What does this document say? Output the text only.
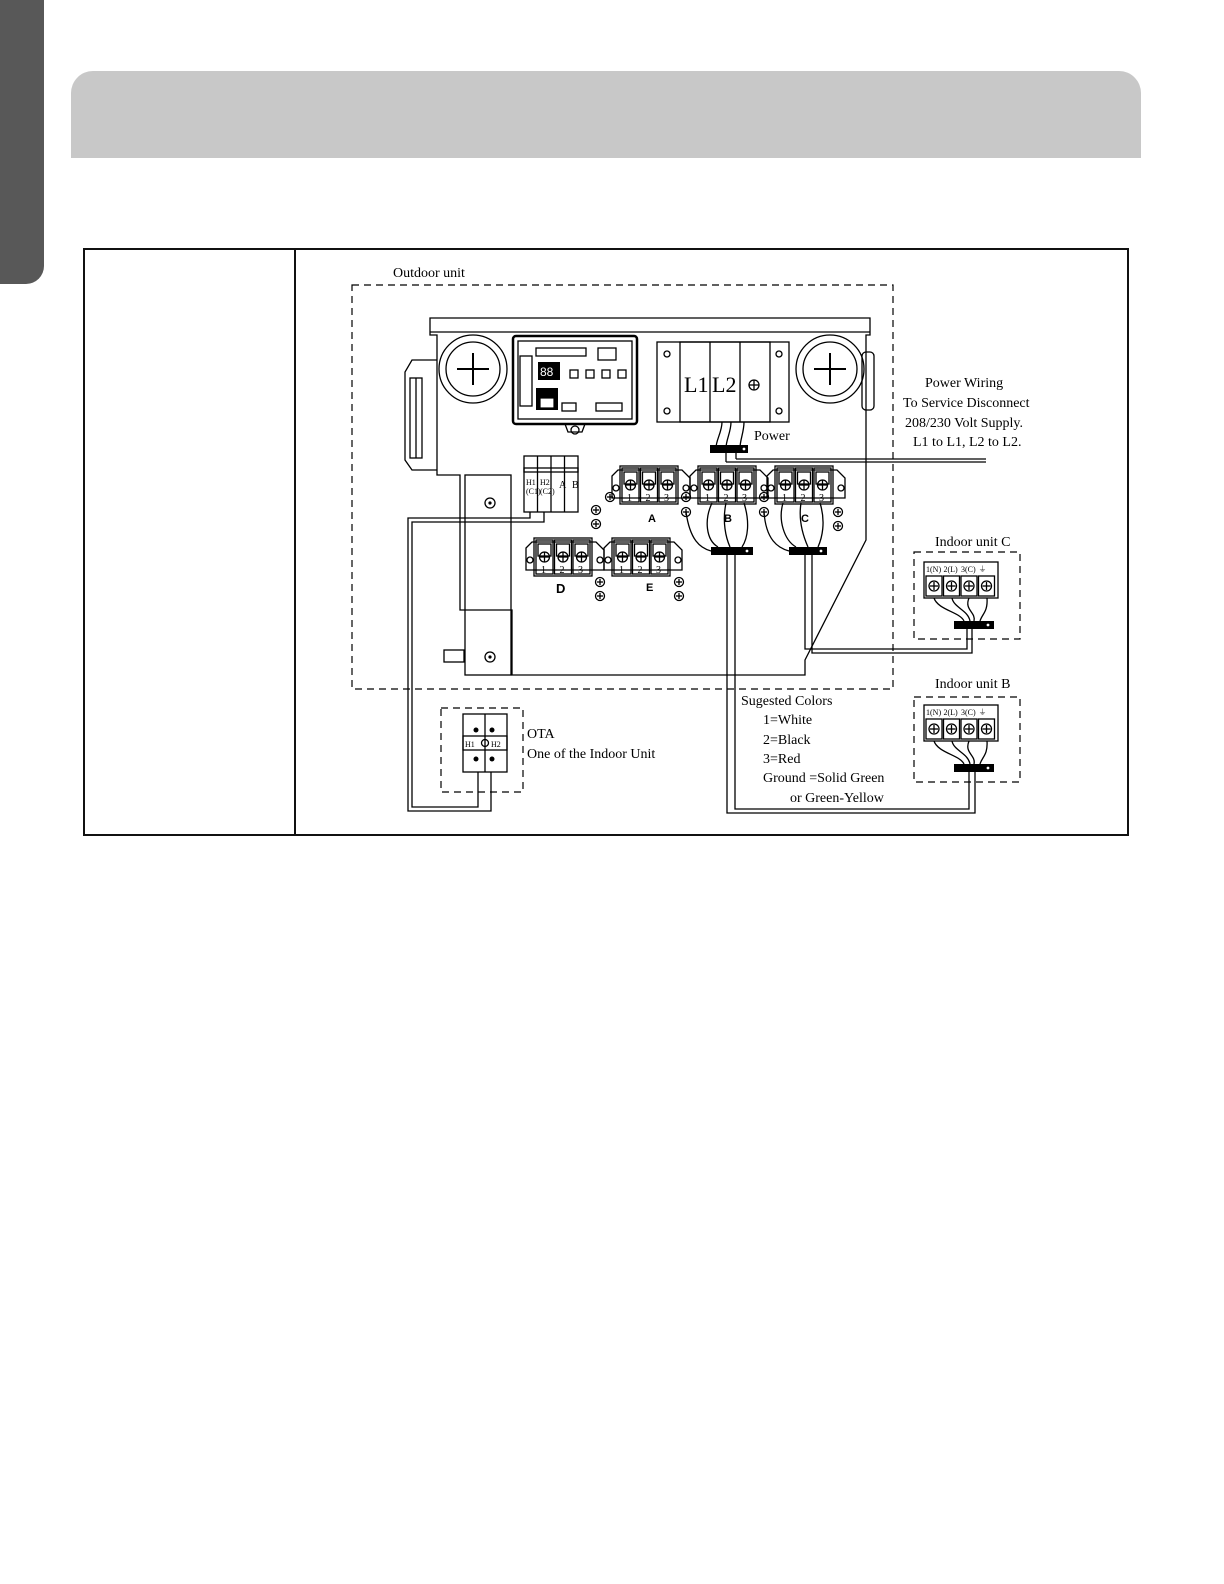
Outdoor unit
88	L1 L2
Power
Power Wiring
To Service Disconnect
208/230 Volt Supply.
L1 to L1, L2 to L2.
H1
(C1)
H2
(C2)
A B
1 2 3
A
1 2 3
B
1 2 3
C
1 2 3
D
1 2 3
E
Indoor unit C
1(N) 2(L) 3(C) ⏚
Indoor unit B
1(N) 2(L) 3(C) ⏚
H1 H2
OTA
One of the Indoor Unit
Sugested Colors
1=White
2=Black
3=Red
Ground =Solid Green
or Green-Yellow
